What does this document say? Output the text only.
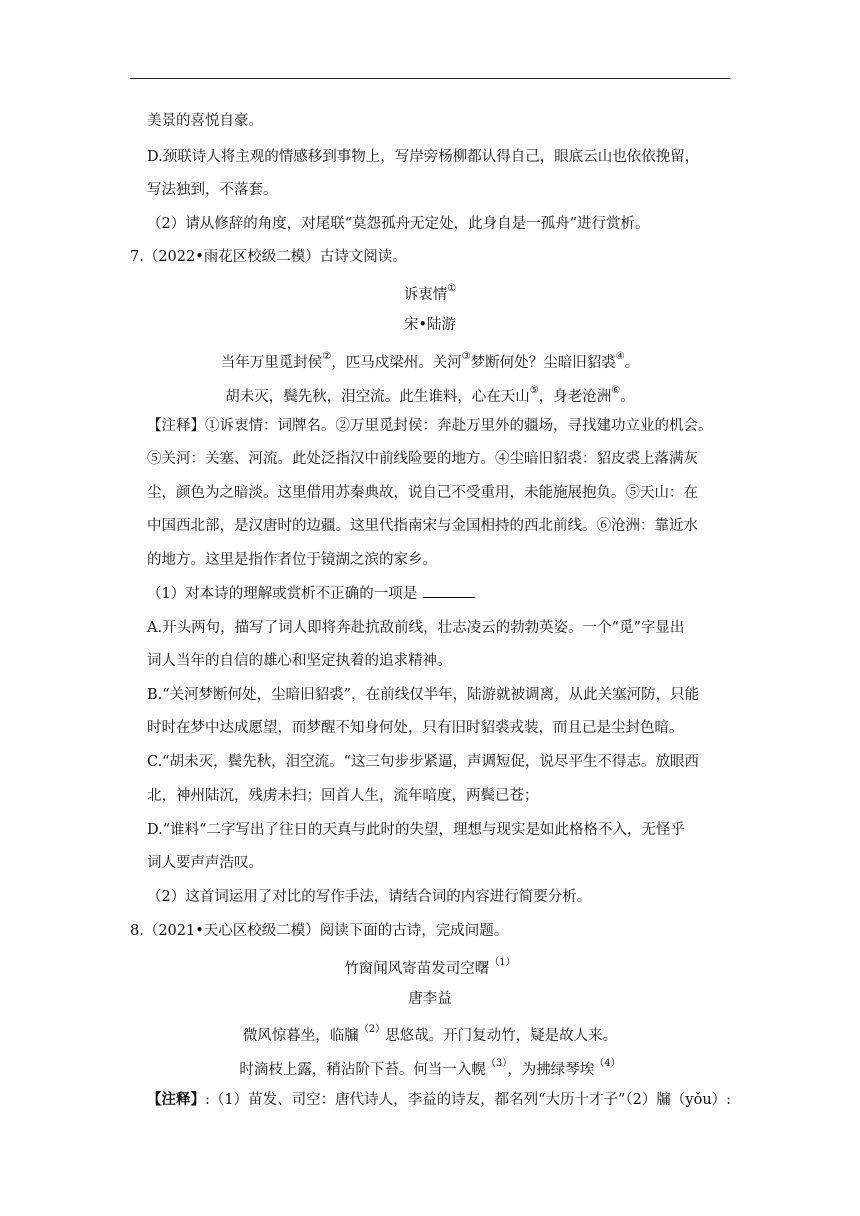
美景的喜悦自豪。
D.颈联诗人将主观的情感移到事物上，写岸旁杨柳都认得自己，眼底云山也依依挽留，
写法独到，不落套。
（2）请从修辞的角度，对尾联“莫怨孤舟无定处，此身自是一孤舟”进行赏析。
7.（2022•雨花区校级二模）古诗文阅读。
诉衷情①
宋•陆游
当年万里觅封侯②，匹马戍梁州。关河③梦断何处？尘暗旧貂裘④。
胡未灭，鬓先秋，泪空流。此生谁料，心在天山⑤，身老沧洲⑥。
【注释】①诉衷情：词牌名。②万里觅封侯：奔赴万里外的疆场，寻找建功立业的机会。
⑤关河：关塞、河流。此处泛指汉中前线险要的地方。④尘暗旧貂裘：貂皮裘上落满灰
尘，颜色为之暗淡。这里借用苏秦典故，说自己不受重用，未能施展抱负。⑤天山：在
中国西北部，是汉唐时的边疆。这里代指南宋与金国相持的西北前线。⑥沧洲：靠近水
的地方。这里是指作者位于镜湖之滨的家乡。
（1）对本诗的理解或赏析不正确的一项是
A.开头两句，描写了词人即将奔赴抗敌前线，壮志凌云的勃勃英姿。一个“觅”字显出
词人当年的自信的雄心和坚定执着的追求精神。
B.“关河梦断何处，尘暗旧貂裘”，在前线仅半年，陆游就被调离，从此关塞河防，只能
时时在梦中达成愿望，而梦醒不知身何处，只有旧时貂裘戎装，而且已是尘封色暗。
C.“胡未灭，鬓先秋，泪空流。“这三句步步紧逼，声调短促，说尽平生不得志。放眼西
北，神州陆沉，残虏未扫；回首人生，流年暗度，两鬓已苍；
D.“谁料“二字写出了往日的天真与此时的失望，理想与现实是如此格格不入，无怪乎
词人要声声浩叹。
（2）这首词运用了对比的写作手法，请结合词的内容进行简要分析。
8.（2021•天心区校级二模）阅读下面的古诗，完成问题。
竹窗闻风寄苗发司空曙$^{(1)}$
唐李益
微风惊暮坐，临牖$^{(2)}$思悠哉。开门复动竹，疑是故人来。
时滴枝上露，稍沾阶下苔。何当一入幌$^{(3)}$，为拂绿琴埃$^{(4)}$
【注释】:（1）苗发、司空：唐代诗人，李益的诗友，都名列“大历十才子”（2）牖（yǒu）:
